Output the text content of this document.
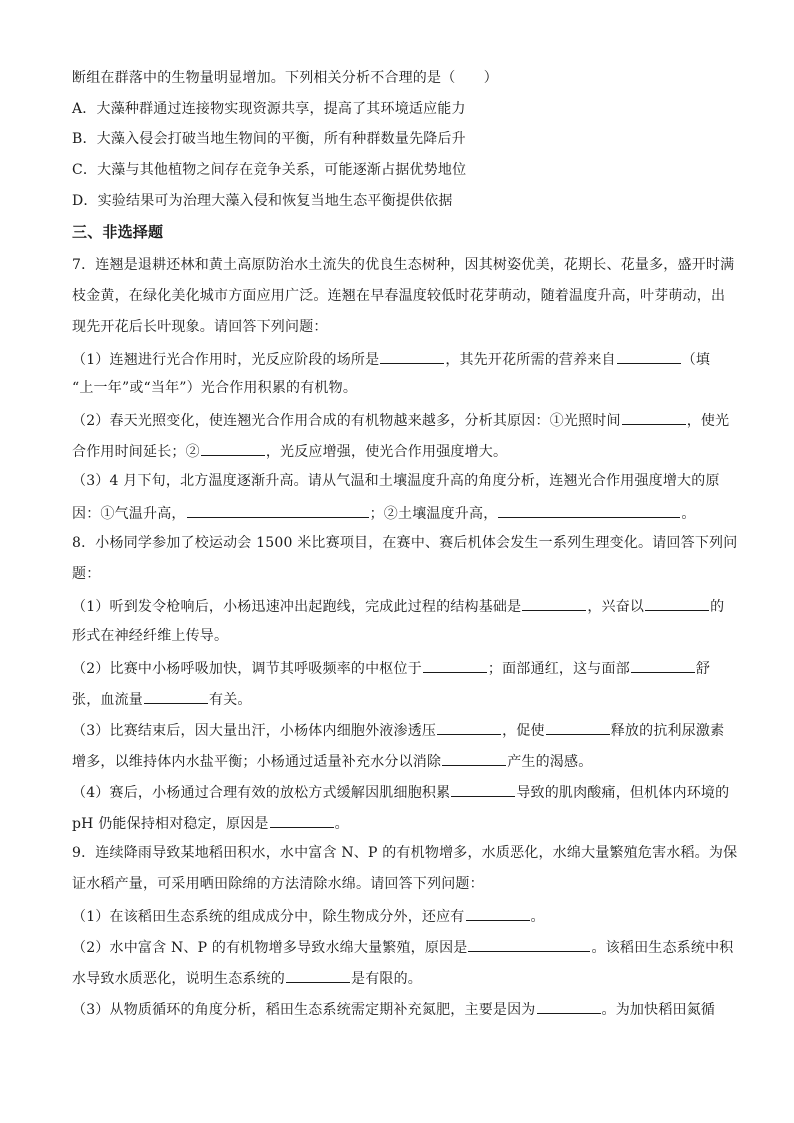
断组在群落中的生物量明显增加。下列相关分析不合理的是（　　）
A．大藻种群通过连接物实现资源共享，提高了其环境适应能力
B．大藻入侵会打破当地生物间的平衡，所有种群数量先降后升
C．大藻与其他植物之间存在竞争关系，可能逐渐占据优势地位
D．实验结果可为治理大藻入侵和恢复当地生态平衡提供依据
三、非选择题
7．连翘是退耕还林和黄土高原防治水土流失的优良生态树种，因其树姿优美，花期长、花量多，盛开时满
枝金黄，在绿化美化城市方面应用广泛。连翘在早春温度较低时花芽萌动，随着温度升高，叶芽萌动，出
现先开花后长叶现象。请回答下列问题：
（1）连翘进行光合作用时，光反应阶段的场所是	，其先开花所需的营养来自	（填
“上一年”或“当年”）光合作用积累的有机物。
（2）春天光照变化，使连翘光合作用合成的有机物越来越多，分析其原因：①光照时间	，使光
合作用时间延长；②	，光反应增强，使光合作用强度增大。
（3）4 月下旬，北方温度逐渐升高。请从气温和土壤温度升高的角度分析，连翘光合作用强度增大的原
因：①气温升高，	；②土壤温度升高，	。
8．小杨同学参加了校运动会 1500 米比赛项目，在赛中、赛后机体会发生一系列生理变化。请回答下列问
题：
（1）听到发令枪响后，小杨迅速冲出起跑线，完成此过程的结构基础是	，兴奋以	的
形式在神经纤维上传导。
（2）比赛中小杨呼吸加快，调节其呼吸频率的中枢位于	；面部通红，这与面部	舒
张，血流量	有关。
（3）比赛结束后，因大量出汗，小杨体内细胞外液渗透压	，促使	释放的抗利尿激素
增多，以维持体内水盐平衡；小杨通过适量补充水分以消除	产生的渴感。
（4）赛后，小杨通过合理有效的放松方式缓解因肌细胞积累	导致的肌肉酸痛，但机体内环境的
pH 仍能保持相对稳定，原因是	。
9．连续降雨导致某地稻田积水，水中富含 N、P 的有机物增多，水质恶化，水绵大量繁殖危害水稻。为保
证水稻产量，可采用晒田除绵的方法清除水绵。请回答下列问题：
（1）在该稻田生态系统的组成成分中，除生物成分外，还应有	。
（2）水中富含 N、P 的有机物增多导致水绵大量繁殖，原因是	。该稻田生态系统中积
水导致水质恶化，说明生态系统的	是有限的。
（3）从物质循环的角度分析，稻田生态系统需定期补充氮肥，主要是因为	。为加快稻田氮循
